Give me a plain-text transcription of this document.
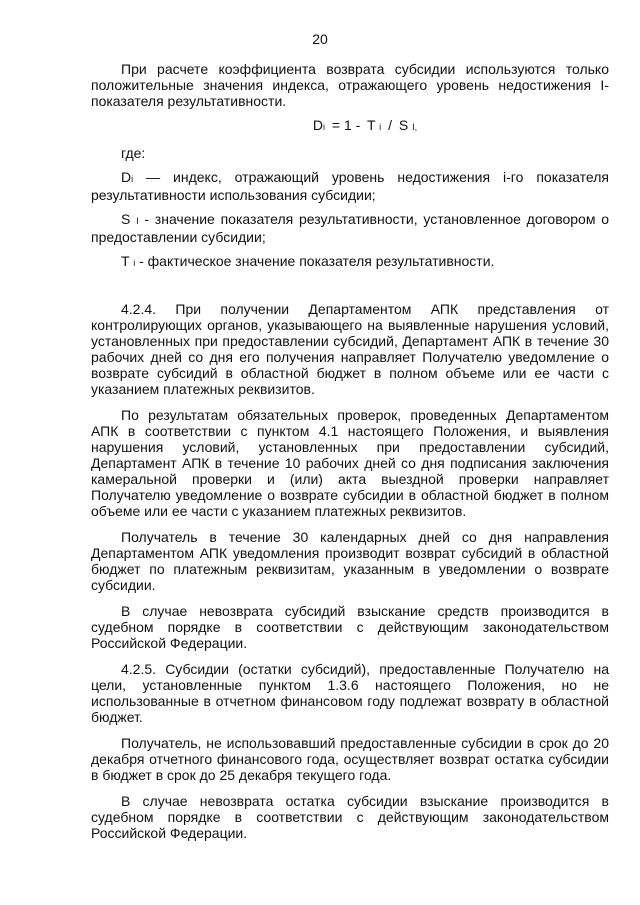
20

При расчете коэффициента возврата субсидии используются только положительные значения индекса, отражающего уровень недостижения I-показателя результативности.

Di = 1 - T i / S I,

где:

Di — индекс, отражающий уровень недостижения i-го показателя результативности использования субсидии;

S I - значение показателя результативности, установленное договором о предоставлении субсидии;

T i - фактическое значение показателя результативности.

4.2.4. При получении Департаментом АПК представления от контролирующих органов, указывающего на выявленные нарушения условий, установленных при предоставлении субсидий, Департамент АПК в течение 30 рабочих дней со дня его получения направляет Получателю уведомление о возврате субсидий в областной бюджет в полном объеме или ее части с указанием платежных реквизитов.

По результатам обязательных проверок, проведенных Департаментом АПК в соответствии с пунктом 4.1 настоящего Положения, и выявления нарушения условий, установленных при предоставлении субсидий, Департамент АПК в течение 10 рабочих дней со дня подписания заключения камеральной проверки и (или) акта выездной проверки направляет Получателю уведомление о возврате субсидии в областной бюджет в полном объеме или ее части с указанием платежных реквизитов.

Получатель в течение 30 календарных дней со дня направления Департаментом АПК уведомления производит возврат субсидий в областной бюджет по платежным реквизитам, указанным в уведомлении о возврате субсидии.

В случае невозврата субсидий взыскание средств производится в судебном порядке в соответствии с действующим законодательством Российской Федерации.

4.2.5. Субсидии (остатки субсидий), предоставленные Получателю на цели, установленные пунктом 1.3.6 настоящего Положения, но не использованные в отчетном финансовом году подлежат возврату в областной бюджет.

Получатель, не использовавший предоставленные субсидии в срок до 20 декабря отчетного финансового года, осуществляет возврат остатка субсидии в бюджет в срок до 25 декабря текущего года.

В случае невозврата остатка субсидии взыскание производится в судебном порядке в соответствии с действующим законодательством Российской Федерации.
